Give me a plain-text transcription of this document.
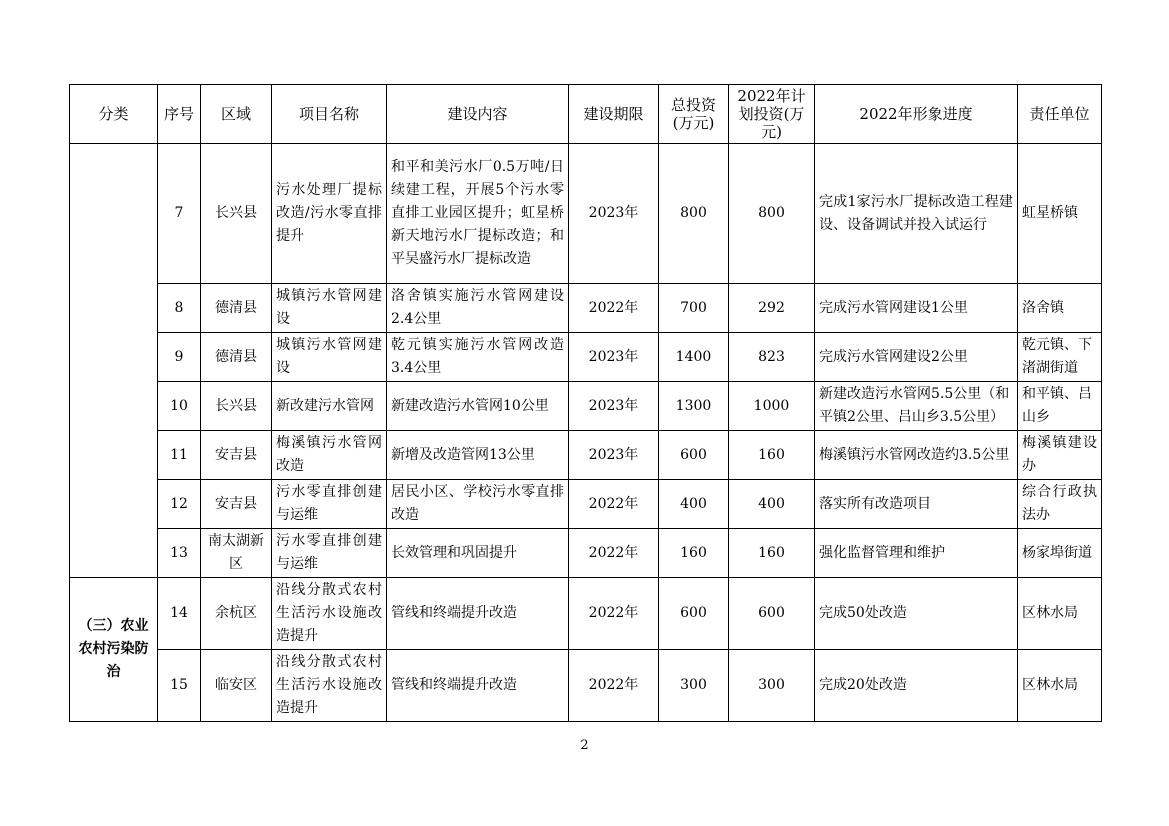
分类	序号	区域	项目名称	建设内容	建设期限	总投资(万元)	2022年计划投资(万元)	2022年形象进度	责任单位
	7	长兴县	污水处理厂提标改造/污水零直排提升	和平和美污水厂0.5万吨/日续建工程，开展5个污水零直排工业园区提升；虹星桥新天地污水厂提标改造；和平吴盛污水厂提标改造	2023年	800	800	完成1家污水厂提标改造工程建设、设备调试并投入试运行	虹星桥镇
	8	德清县	城镇污水管网建设	洛舍镇实施污水管网建设2.4公里	2022年	700	292	完成污水管网建设1公里	洛舍镇
	9	德清县	城镇污水管网建设	乾元镇实施污水管网改造3.4公里	2023年	1400	823	完成污水管网建设2公里	乾元镇、下渚湖街道
	10	长兴县	新改建污水管网	新建改造污水管网10公里	2023年	1300	1000	新建改造污水管网5.5公里（和平镇2公里、吕山乡3.5公里）	和平镇、吕山乡
	11	安吉县	梅溪镇污水管网改造	新增及改造管网13公里	2023年	600	160	梅溪镇污水管网改造约3.5公里	梅溪镇建设办
	12	安吉县	污水零直排创建与运维	居民小区、学校污水零直排改造	2022年	400	400	落实所有改造项目	综合行政执法办
	13	南太湖新区	污水零直排创建与运维	长效管理和巩固提升	2022年	160	160	强化监督管理和维护	杨家埠街道
（三）农业农村污染防治	14	余杭区	沿线分散式农村生活污水设施改造提升	管线和终端提升改造	2022年	600	600	完成50处改造	区林水局
	15	临安区	沿线分散式农村生活污水设施改造提升	管线和终端提升改造	2022年	300	300	完成20处改造	区林水局
2
